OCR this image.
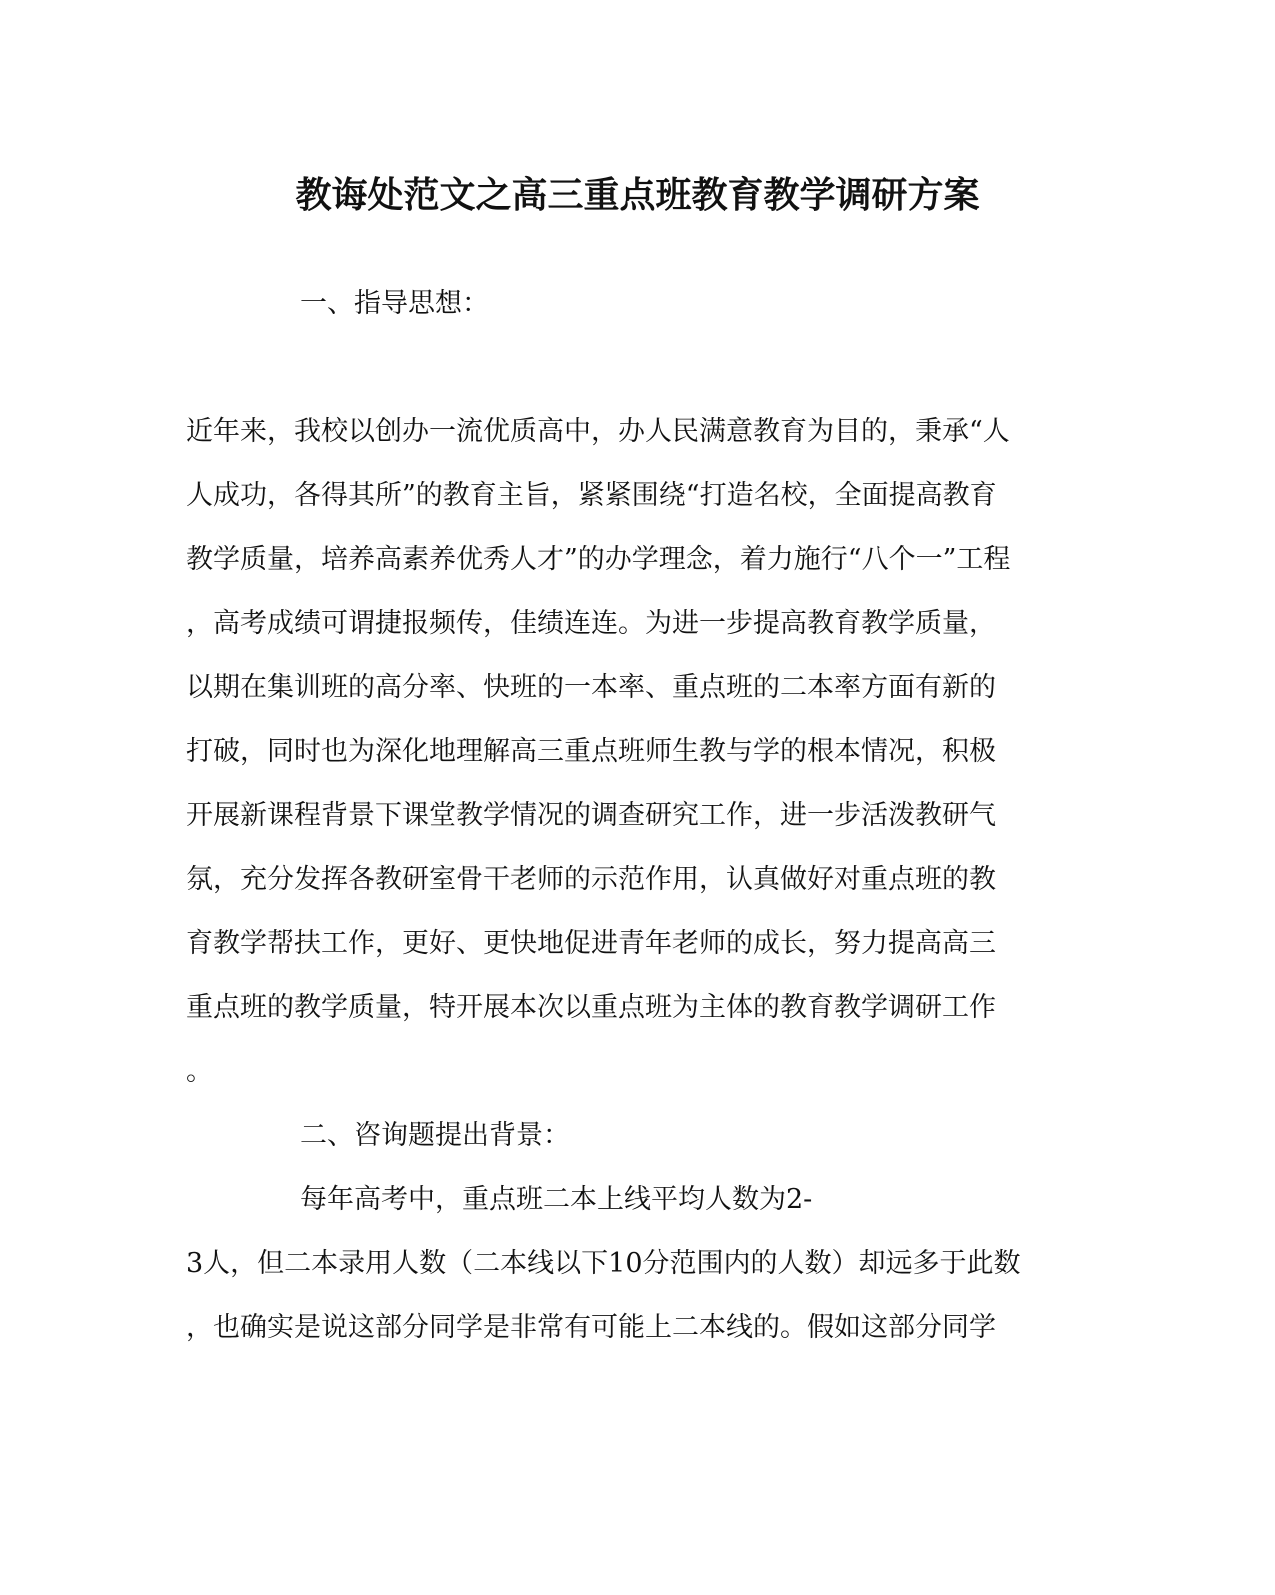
教诲处范文之高三重点班教育教学调研方案
一、指导思想：
近年来，我校以创办一流优质高中，办人民满意教育为目的，秉承“人
人成功，各得其所”的教育主旨，紧紧围绕“打造名校，全面提高教育
教学质量，培养高素养优秀人才”的办学理念，着力施行“八个一”工程
，高考成绩可谓捷报频传，佳绩连连。为进一步提高教育教学质量，
以期在集训班的高分率、快班的一本率、重点班的二本率方面有新的
打破，同时也为深化地理解高三重点班师生教与学的根本情况，积极
开展新课程背景下课堂教学情况的调查研究工作，进一步活泼教研气
氛，充分发挥各教研室骨干老师的示范作用，认真做好对重点班的教
育教学帮扶工作，更好、更快地促进青年老师的成长，努力提高高三
重点班的教学质量，特开展本次以重点班为主体的教育教学调研工作
。
二、咨询题提出背景：
每年高考中，重点班二本上线平均人数为2-
3人，但二本录用人数（二本线以下10分范围内的人数）却远多于此数
，也确实是说这部分同学是非常有可能上二本线的。假如这部分同学
